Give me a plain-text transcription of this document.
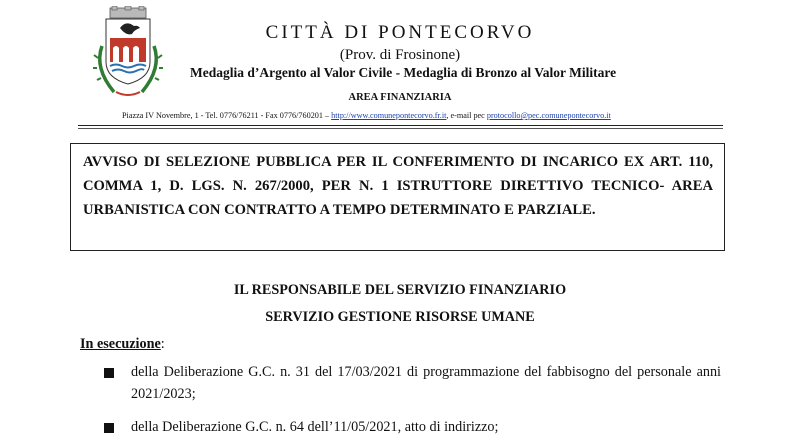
CITTÀ DI PONTECORVO
(Prov. di Frosinone)
Medaglia d’Argento al Valor Civile - Medaglia di Bronzo al Valor Militare
AREA FINANZIARIA
Piazza IV Novembre, 1 - Tel. 0776/76211 - Fax 0776/760201 – http://www.comunepontecorvo.fr.it, e-mail pec protocollo@pec.comunepontecorvo.it
AVVISO DI SELEZIONE PUBBLICA PER IL CONFERIMENTO DI INCARICO EX ART. 110, COMMA 1, D. LGS. N. 267/2000, PER N. 1 ISTRUTTORE DIRETTIVO TECNICO- AREA URBANISTICA CON CONTRATTO A TEMPO DETERMINATO E PARZIALE.
IL RESPONSABILE DEL SERVIZIO FINANZIARIO
SERVIZIO GESTIONE RISORSE UMANE
In esecuzione:
della Deliberazione G.C. n. 31 del 17/03/2021 di programmazione del fabbisogno del personale anni 2021/2023;
della Deliberazione G.C. n. 64 dell’11/05/2021, atto di indirizzo;
